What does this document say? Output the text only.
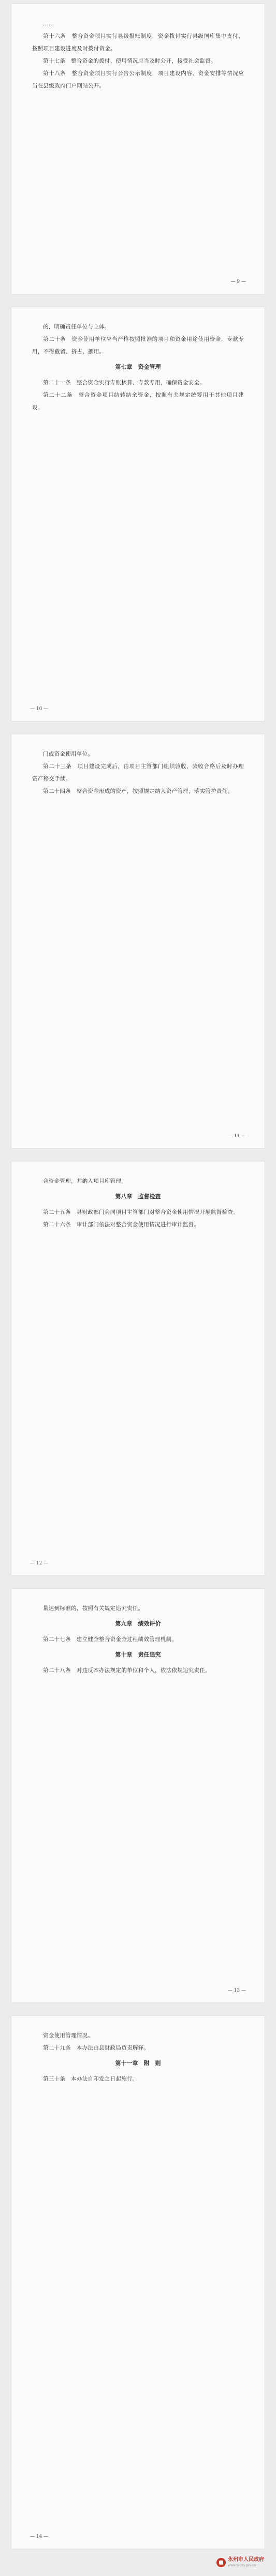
……

第十六条　整合资金项目实行县级报账制度，资金拨付实行县级国库集中支付，按照项目建设进度及时拨付资金。

第十七条　整合资金的拨付、使用情况应当及时公开，接受社会监督。

第十八条　整合资金项目实行公告公示制度，项目建设内容、资金安排等情况应当在县级政府门户网站公开。

— 9 —

的，明确责任单位与主体。

第二十条　资金使用单位应当严格按照批准的项目和资金用途使用资金，专款专用，不得截留、挤占、挪用。

第七章　资金管理

第二十一条　整合资金实行专账核算、专款专用，确保资金安全。

第二十二条　整合资金项目结转结余资金，按照有关规定统筹用于其他项目建设。

— 10 —

门或资金使用单位。

第二十三条　项目建设完成后，由项目主管部门组织验收，验收合格后及时办理资产移交手续。

第二十四条　整合资金形成的资产，按照规定纳入资产管理，落实管护责任。

— 11 —

合资金管理，并纳入项目库管理。

第八章　监督检查

第二十五条　县财政部门会同项目主管部门对整合资金使用情况开展监督检查。

第二十六条　审计部门依法对整合资金使用情况进行审计监督。

— 12 —

量达到标准的，按照有关规定追究责任。

第九章　绩效评价

第二十七条　建立健全整合资金全过程绩效管理机制。

第十章　责任追究

第二十八条　对违反本办法规定的单位和个人，依法依规追究责任。

— 13 —

资金使用管理情况。

第二十九条　本办法由县财政局负责解释。

第十一章　附　则

第三十条　本办法自印发之日起施行。

— 14 —
永州市人民政府
www.yzcity.gov.cn
